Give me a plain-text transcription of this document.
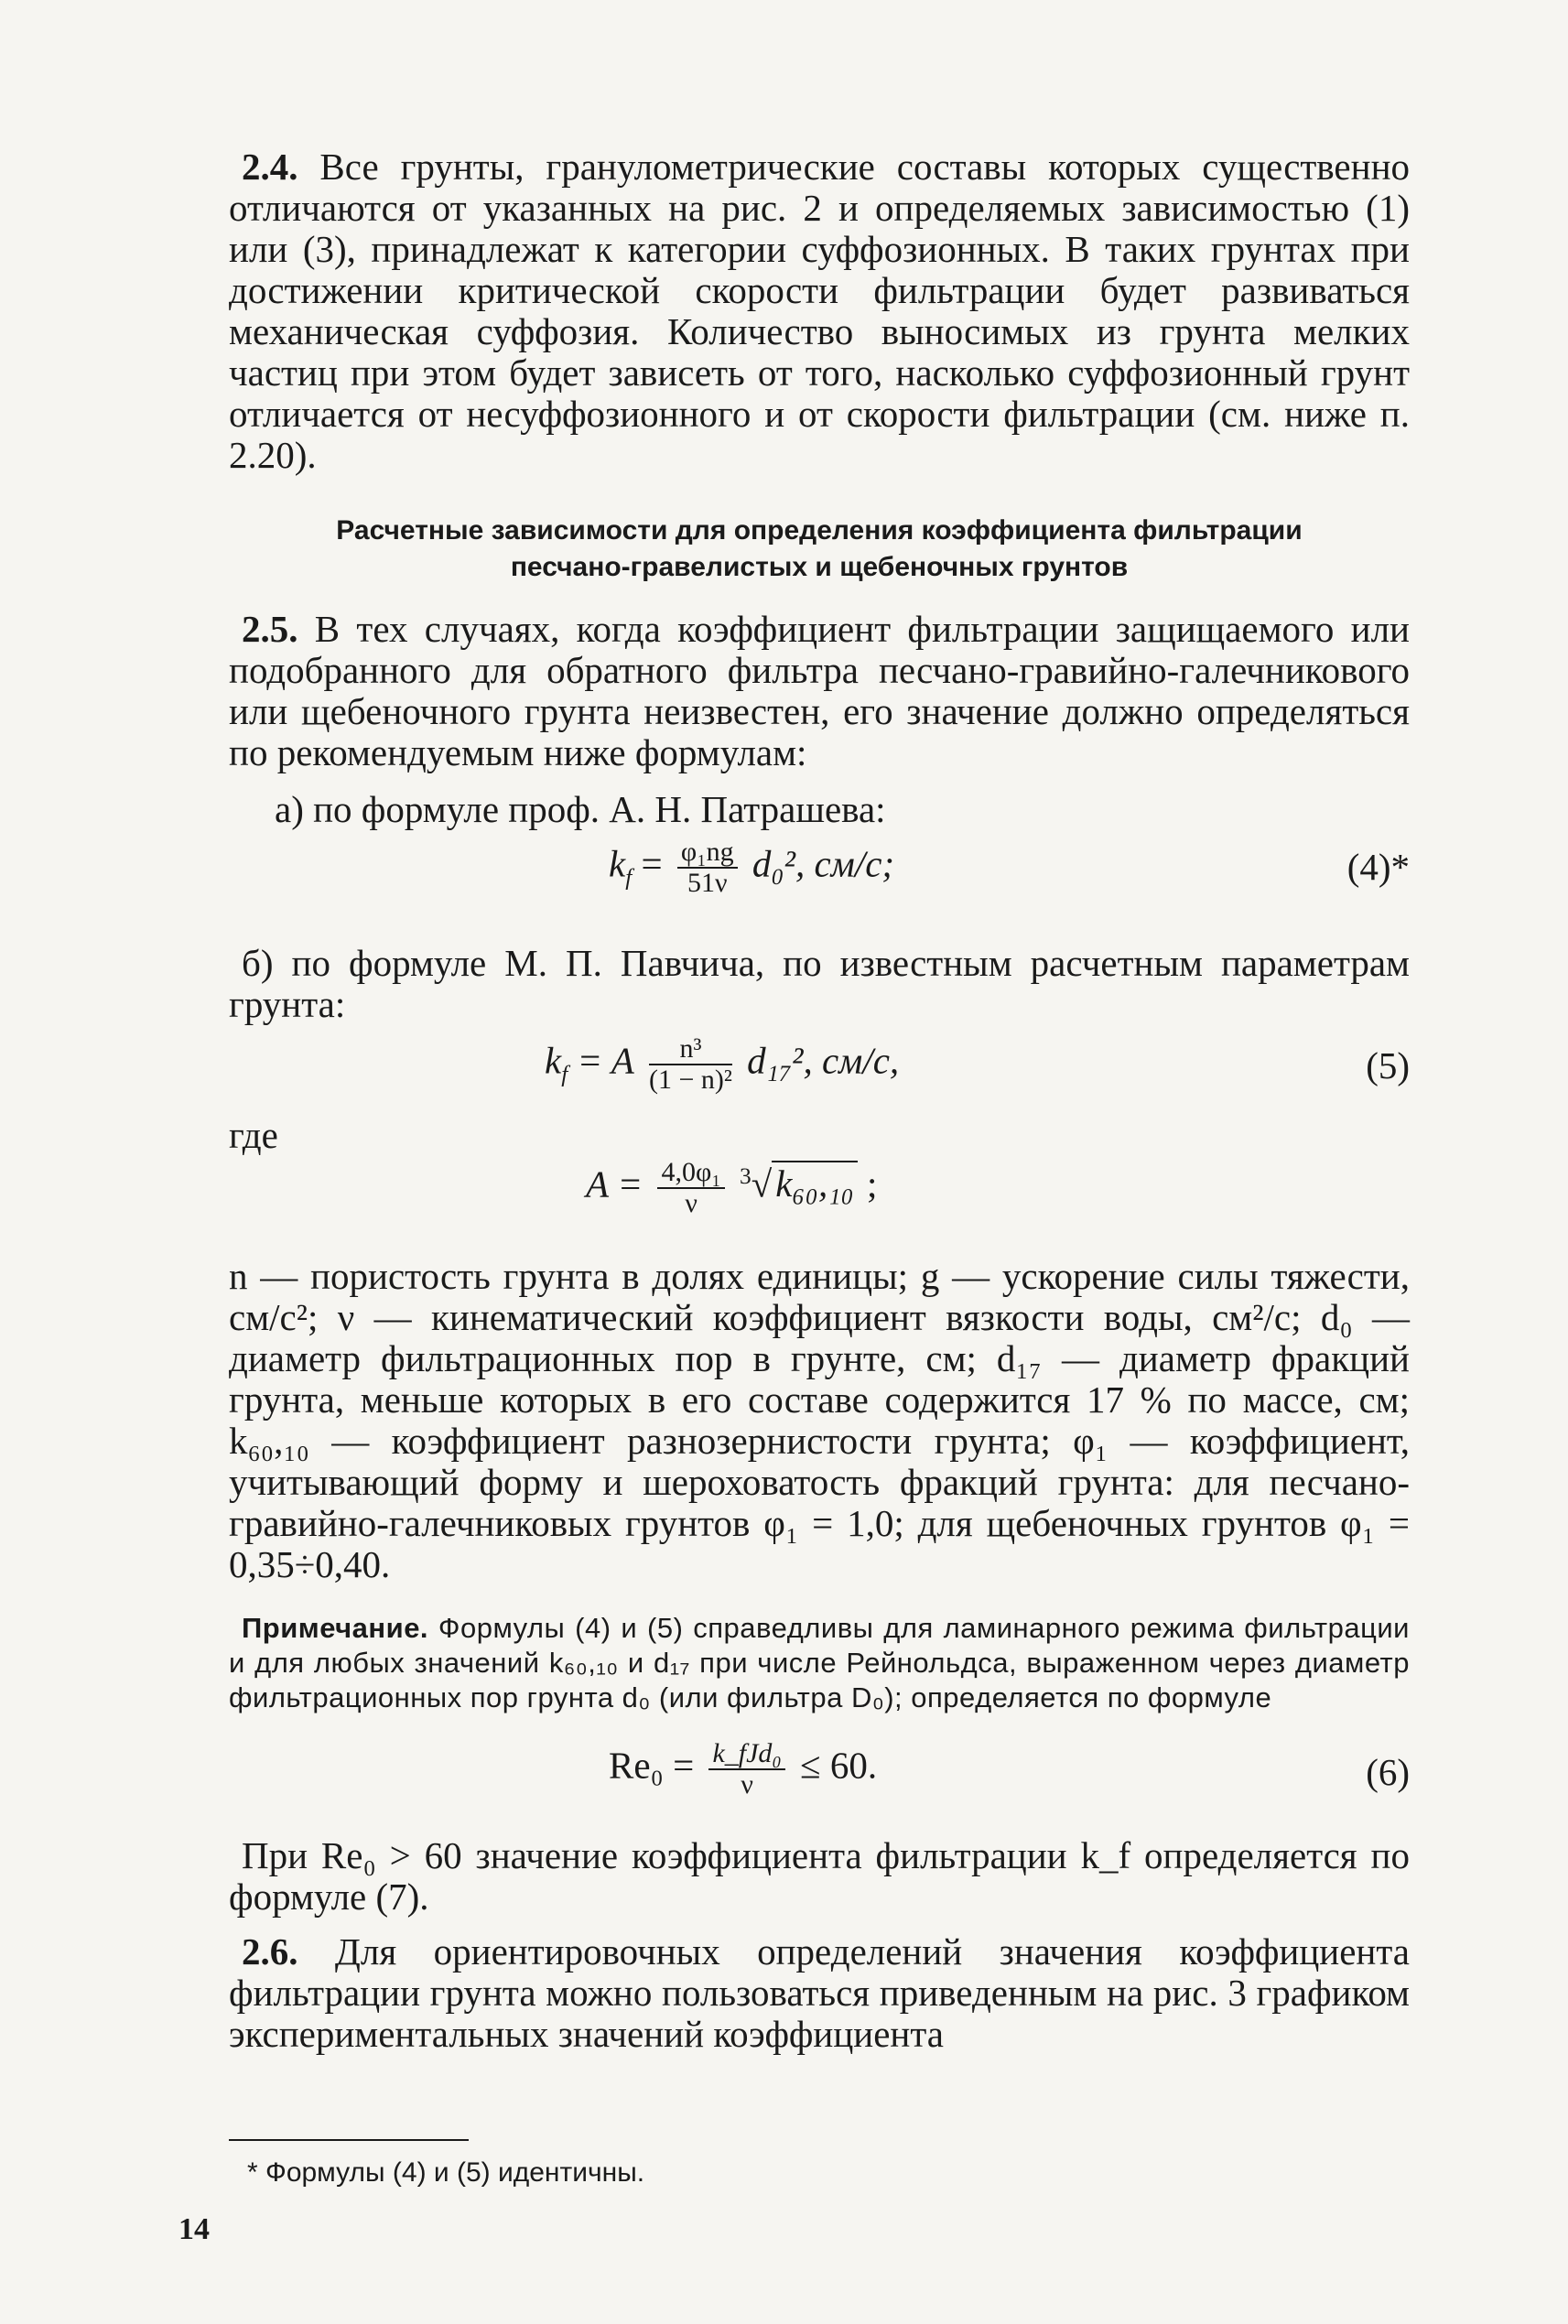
2.4. Все грунты, гранулометрические составы которых существенно отличаются от указанных на рис. 2 и определяемых зависимостью (1) или (3), принадлежат к категории суффозионных. В таких грунтах при достижении критической скорости фильтрации будет развиваться механическая суффозия. Количество выносимых из грунта мелких частиц при этом будет зависеть от того, насколько суффозионный грунт отличается от несуффозионного и от скорости фильтрации (см. ниже п. 2.20).

Расчетные зависимости для определения коэффициента фильтрации
песчано-гравелистых и щебеночных грунтов

2.5. В тех случаях, когда коэффициент фильтрации защищаемого или подобранного для обратного фильтра песчано-гравийно-галечникового или щебеночного грунта неизвестен, его значение должно определяться по рекомендуемым ниже формулам:

а) по формуле проф. А. Н. Патрашева:
$k_f = \frac{\text{φ₁ng}}{51\nu} d_0^2$, см/с;	(4)*

б) по формуле М. П. Павчича, по известным расчетным параметрам грунта:

$k_f = A \frac{\text{n³}}{\text{(1 − n)²}} d_{17}^2$, см/с,	(5)
где
$A = \frac{\text{4,0φ₁}}{\nu} ^3√k_{60},_{10}$ ;

n — пористость грунта в долях единицы; g — ускорение силы тяжести, см/с²; ν — кинематический коэффициент вязкости воды, см²/с; d₀ — диаметр фильтрационных пор в грунте, см; d₁₇ — диаметр фракций грунта, меньше которых в его составе содержится 17 % по массе, см; k₆₀,₁₀ — коэффициент разнозернистости грунта; φ₁ — коэффициент, учитывающий форму и шероховатость фракций грунта: для песчано-гравийно-галечниковых грунтов φ₁ = 1,0; для щебеночных грунтов φ₁ = 0,35÷0,40.

Примечание. Формулы (4) и (5) справедливы для ламинарного режима фильтрации и для любых значений k₆₀,₁₀ и d₁₇ при числе Рейнольдса, выраженном через диаметр фильтрационных пор грунта d₀ (или фильтра D₀); определяется по формуле

$Re_0 = \frac{\text{k\_fJd₀}}{\nu} \le 60$.	(6)

При Re₀ > 60 значение коэффициента фильтрации k_f определяется по формуле (7).

2.6. Для ориентировочных определений значения коэффициента фильтрации грунта можно пользоваться приведенным на рис. 3 графиком экспериментальных значений коэффициента

* Формулы (4) и (5) идентичны.
14
